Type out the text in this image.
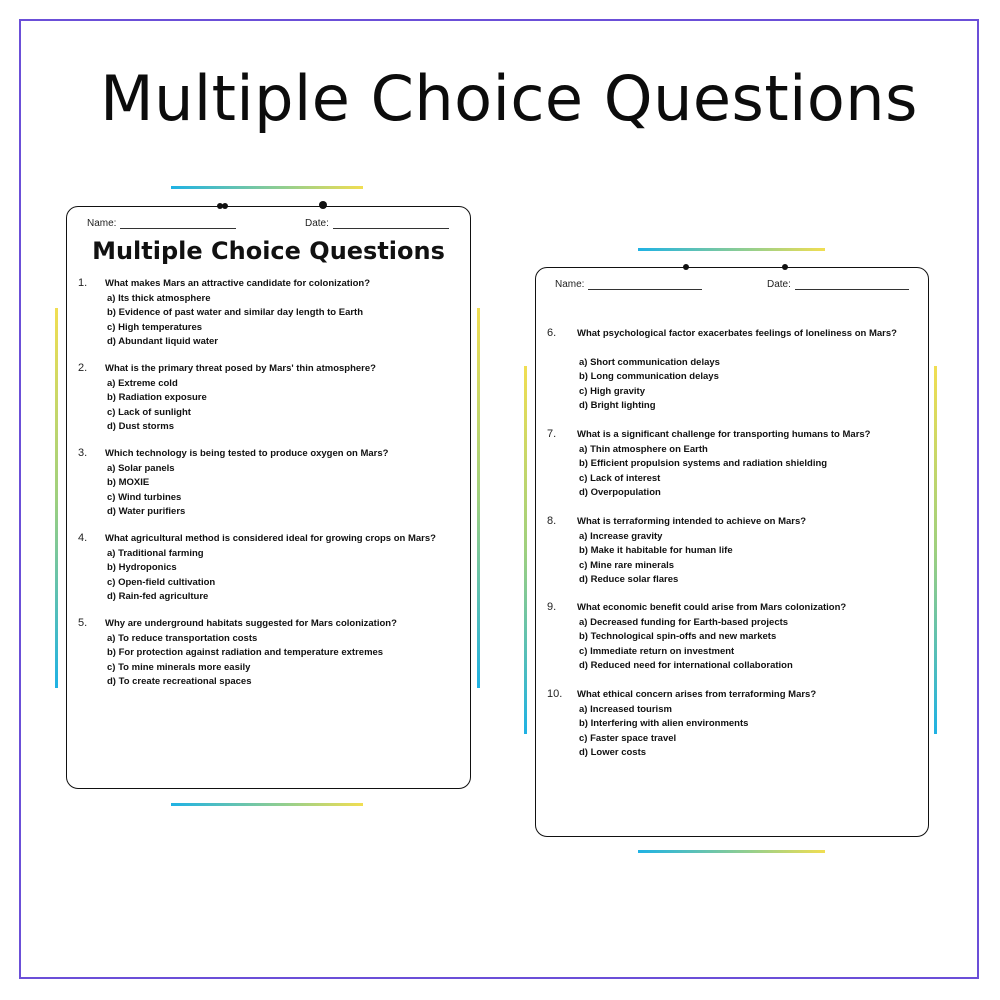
Multiple Choice Questions
Name:	Date:
Multiple Choice Questions
1. What makes Mars an attractive candidate for colonization?
a) Its thick atmosphere
b) Evidence of past water and similar day length to Earth
c) High temperatures
d) Abundant liquid water
2. What is the primary threat posed by Mars' thin atmosphere?
a) Extreme cold
b) Radiation exposure
c) Lack of sunlight
d) Dust storms
3. Which technology is being tested to produce oxygen on Mars?
a) Solar panels
b) MOXIE
c) Wind turbines
d) Water purifiers
4. What agricultural method is considered ideal for growing crops on Mars?
a) Traditional farming
b) Hydroponics
c) Open-field cultivation
d) Rain-fed agriculture
5. Why are underground habitats suggested for Mars colonization?
a) To reduce transportation costs
b) For protection against radiation and temperature extremes
c) To mine minerals more easily
d) To create recreational spaces
Name:	Date:
6. What psychological factor exacerbates feelings of loneliness on Mars?
a) Short communication delays
b) Long communication delays
c) High gravity
d) Bright lighting
7. What is a significant challenge for transporting humans to Mars?
a) Thin atmosphere on Earth
b) Efficient propulsion systems and radiation shielding
c) Lack of interest
d) Overpopulation
8. What is terraforming intended to achieve on Mars?
a) Increase gravity
b) Make it habitable for human life
c) Mine rare minerals
d) Reduce solar flares
9. What economic benefit could arise from Mars colonization?
a) Decreased funding for Earth-based projects
b) Technological spin-offs and new markets
c) Immediate return on investment
d) Reduced need for international collaboration
10. What ethical concern arises from terraforming Mars?
a) Increased tourism
b) Interfering with alien environments
c) Faster space travel
d) Lower costs
